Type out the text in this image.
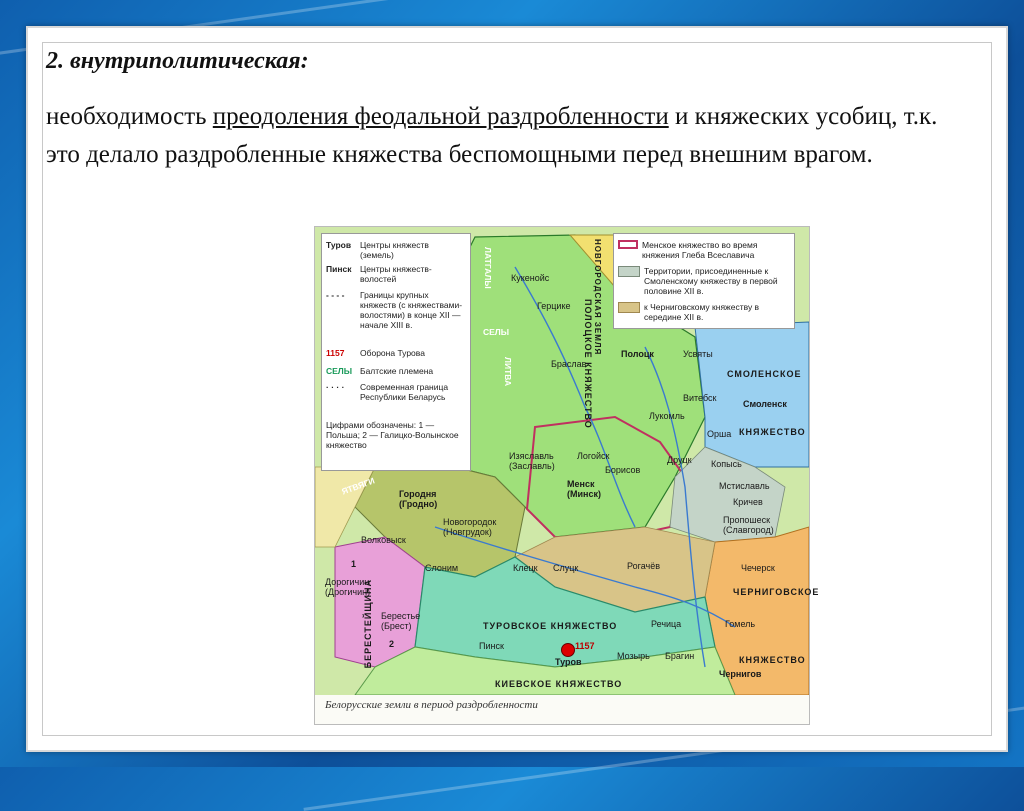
2. внутриполитическая:
необходимость преодоления феодальной раздробленности и княжеских усобиц, т.к. это делало раздробленные княжества беспомощными перед внешним врагом.
Туров Центры княжеств (земель)
Пинск Центры княжеств-волостей
- - - - Границы крупных княжеств (с княжествами-волостями) в конце XII — начале XIII в.
1157 Оборона Турова
СЕЛЫ Балтские племена
· · · · Современная граница Республики Беларусь
Цифрами обозначены: 1 — Польша; 2 — Галицко-Волынское княжество
Менское княжество во время княжения Глеба Всеславича
Территории, присоединенные к Смоленскому княжеству в первой половине XII в.
к Черниговскому княжеству в середине XII в.
ПОЛОЦКОЕ КНЯЖЕСТВО	СМОЛЕНСКОЕ
КНЯЖЕСТВО
ЧЕРНИГОВСКОЕ
КНЯЖЕСТВО
ТУРОВСКОЕ КНЯЖЕСТВО
КИЕВСКОЕ КНЯЖЕСТВО
БЕРЕСТЕЙЩИНА
НОВГОРОДСКАЯ ЗЕМЛЯ
ЯТВЯГИ
ЛАТГАЛЫ
СЕЛЫ
ЛИТВА
Кукенойс
Герцике
Браслав
Полоцк	Усвяты
Витебск
Смоленск
Лукомль
Орша
Друцк Копысь
Изяславль (Заславль)
Логойск
Борисов
Менск (Минск)
Мстиславль
Кричев
Пропошеск (Славгород)
Городня (Гродно)
Новогородок (Новгрудок)
Волковыск
Слоним	Клецк Слуцк	Рогачёв	Чечерск
Дорогичин (Дрогичин)
Берестье (Брест)	Речица	Гомель
Пинск
Туров
Мозырь Брагин
Чернигов
1
2	1157
Белорусские земли в период раздробленности
